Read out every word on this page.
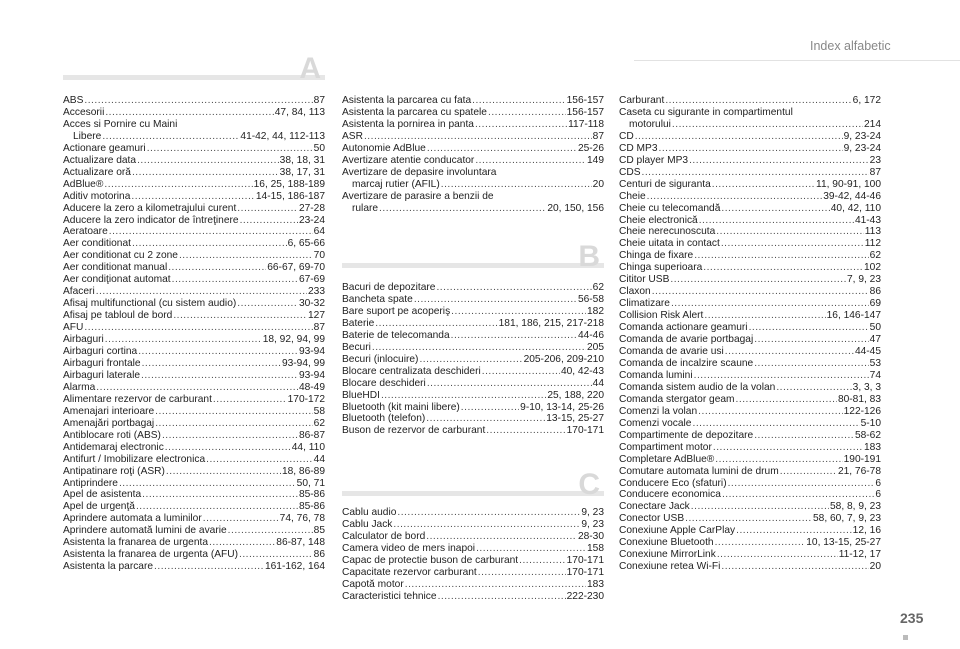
Index alfabetic
A
ABS .....	87
Accesorii .....	47, 84, 113
Acces si Pornire cu Maini
Libere .....	41-42, 44, 112-113
Actionare geamuri .....	50
Actualizare data .....	38, 18, 31
Actualizare oră .....	38, 17, 31
AdBlue® .....	16, 25, 188-189
Aditiv motorina .....	14-15, 186-187
Aducere la zero a kilometrajului curent .....	27-28
Aducere la zero indicator de întreţinere .....	23-24
Aeratoare .....	64
Aer conditionat .....	6, 65-66
Aer conditionat cu 2 zone .....	70
Aer conditionat manual .....	66-67, 69-70
Aer condiţionat automat .....	67-69
Afaceri .....	233
Afisaj multifunctional (cu sistem audio) .....	30-32
Afisaj pe tabloul de bord .....	127
AFU .....	87
Airbaguri .....	18, 92, 94, 99
Airbaguri cortina .....	93-94
Airbaguri frontale .....	93-94, 99
Airbaguri laterale .....	93-94
Alarma .....	48-49
Alimentare rezervor de carburant .....	170-172
Amenajari interioare .....	58
Amenajări portbagaj .....	62
Antiblocare roti (ABS) .....	86-87
Antidemaraj electronic .....	44, 110
Antifurt / Imobilizare electronica .....	44
Antipatinare roţi (ASR) .....	18, 86-89
Antiprindere .....	50, 71
Apel de asistenta .....	85-86
Apel de urgenţă .....	85-86
Aprindere automata a luminilor .....	74, 76, 78
Aprindere automată lumini de avarie .....	85
Asistenta la franarea de urgenta .....	86-87, 148
Asistenta la franarea de urgenta (AFU) .....	86
Asistenta la parcare .....	161-162, 164
Asistenta la parcarea cu fata .....	156-157
Asistenta la parcarea cu spatele .....	156-157
Asistenta la pornirea in panta .....	117-118
ASR .....	87
Autonomie AdBlue .....	25-26
Avertizare atentie conducator .....	149
Avertizare de depasire involuntara
marcaj rutier (AFIL) .....	20
Avertizare de parasire a benzii de
rulare .....	20, 150, 156
B
Bacuri de depozitare .....	62
Bancheta spate .....	56-58
Bare suport pe acoperiş .....	182
Baterie .....	181, 186, 215, 217-218
Baterie de telecomanda .....	44-46
Becuri .....	205
Becuri (inlocuire) .....	205-206, 209-210
Blocare centralizata deschideri .....	40, 42-43
Blocare deschideri .....	44
BlueHDI .....	25, 188, 220
Bluetooth (kit maini libere) .....	9-10, 13-14, 25-26
Bluetooth (telefon) .....	13-15, 25-27
Buson de rezervor de carburant .....	170-171
C
Cablu audio .....	9, 23
Cablu Jack .....	9, 23
Calculator de bord .....	28-30
Camera video de mers inapoi .....	158
Capac de protectie buson de carburant .....	170-171
Capacitate rezervor carburant .....	170-171
Capotă motor .....	183
Caracteristici tehnice .....	222-230
Carburant .....	6, 172
Caseta cu sigurante in compartimentul
motorului .....	214
CD .....	9, 23-24
CD MP3 .....	9, 23-24
CD player MP3 .....	23
CDS .....	87
Centuri de siguranta .....	11, 90-91, 100
Cheie .....	39-42, 44-46
Cheie cu telecomandă .....	40, 42, 110
Cheie electronică .....	41-43
Cheie nerecunoscuta .....	113
Cheie uitata in contact .....	112
Chinga de fixare .....	62
Chinga superioara .....	102
Cititor USB .....	7, 9, 23
Claxon .....	86
Climatizare .....	69
Collision Risk Alert .....	16, 146-147
Comanda actionare geamuri .....	50
Comanda de avarie portbagaj .....	47
Comanda de avarie usi .....	44-45
Comanda de incalzire scaune .....	53
Comanda lumini .....	74
Comanda sistem audio de la volan .....	3, 3, 3
Comanda stergator geam .....	80-81, 83
Comenzi la volan .....	122-126
Comenzi vocale .....	5-10
Compartimente de depozitare .....	58-62
Compartiment motor .....	183
Completare AdBlue® .....	190-191
Comutare automata lumini de drum .....	21, 76-78
Conducere Eco (sfaturi) .....	6
Conducere economica .....	6
Conectare Jack .....	58, 8, 9, 23
Conector USB .....	58, 60, 7, 9, 23
Conexiune Apple CarPlay .....	12, 16
Conexiune Bluetooth .....	10, 13-15, 25-27
Conexiune MirrorLink .....	11-12, 17
Conexiune retea Wi-Fi .....	20
235
